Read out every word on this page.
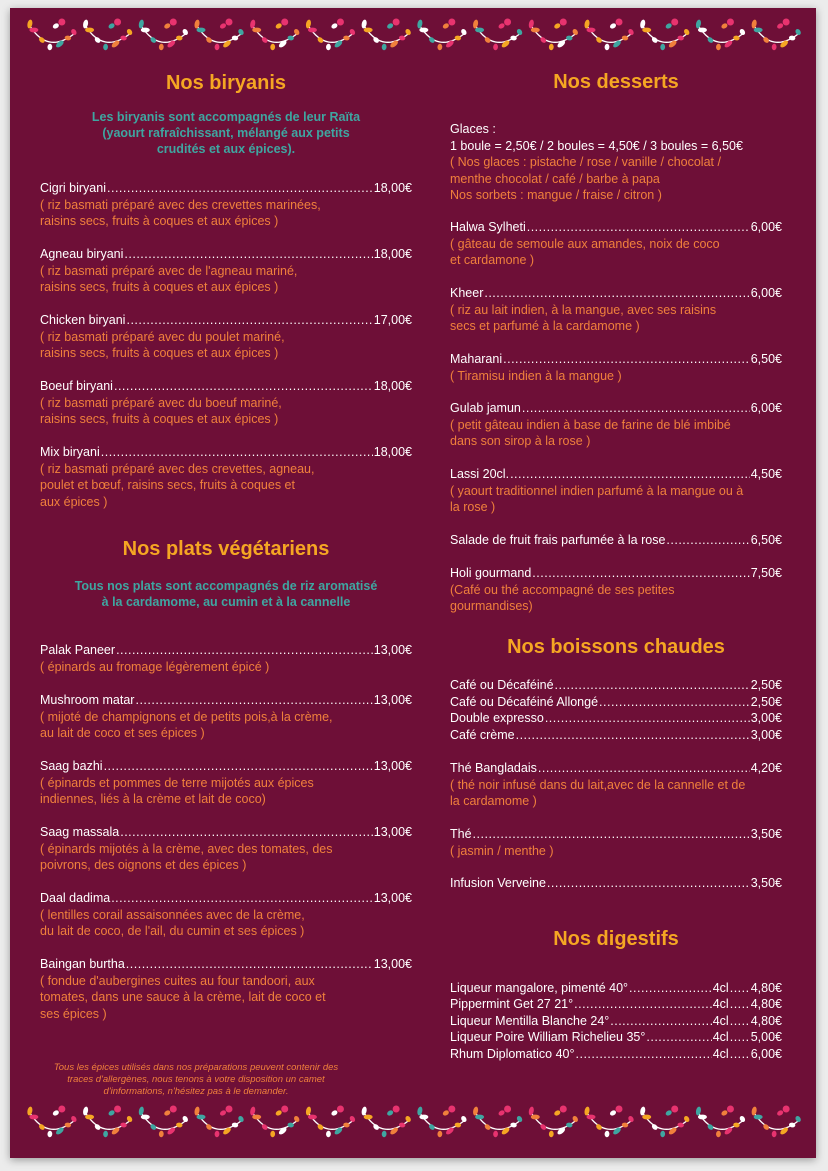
Nos biryanis
Les biryanis sont accompagnés de leur Raïta
(yaourt rafraîchissant, mélangé aux petits
crudités et aux épices).
Cigri biryani .....	18,00€
( riz basmati préparé avec des crevettes marinées,
raisins secs, fruits à coques et aux épices )
Agneau biryani .....	18,00€
( riz basmati préparé avec de l'agneau mariné,
raisins secs, fruits à coques et aux épices )
Chicken biryani .....	17,00€
( riz basmati préparé avec du poulet mariné,
raisins secs, fruits à coques et aux épices )
Boeuf biryani .....	18,00€
( riz basmati préparé avec du boeuf mariné,
raisins secs, fruits à coques et aux épices )
Mix biryani .....	18,00€
( riz basmati préparé avec des crevettes, agneau,
poulet et bœuf, raisins secs, fruits à coques et
aux épices )
Nos plats végétariens
Tous nos plats sont accompagnés de riz aromatisé
à la cardamome, au cumin et à la cannelle
Palak Paneer .....	13,00€
( épinards au fromage légèrement épicé )
Mushroom matar .....	13,00€
( mijoté de champignons et de petits pois,à la crème,
au lait de coco et ses épices )
Saag bazhi .....	13,00€
( épinards et pommes de terre mijotés aux épices
indiennes, liés à la crème et lait de coco)
Saag massala .....	13,00€
( épinards mijotés à la crème, avec des tomates, des
poivrons, des oignons et des épices )
Daal dadima .....	13,00€
( lentilles corail assaisonnées avec de la crème,
du lait de coco, de l'ail, du cumin et ses épices )
Baingan burtha .....	13,00€
( fondue d'aubergines cuites au four tandoori, aux
tomates, dans une sauce à la crème, lait de coco et
ses épices )
Tous les épices utilisés dans nos préparations peuvent contenir des
traces d'allergènes, nous tenons à votre disposition un camet
d'informations, n'hésitez pas à le demander.
Nos desserts
Glaces :
1 boule = 2,50€ / 2 boules = 4,50€ / 3 boules = 6,50€
( Nos glaces : pistache / rose / vanille / chocolat /
menthe chocolat / café / barbe à papa
Nos sorbets : mangue / fraise / citron )
Halwa Sylheti .....	6,00€
( gâteau de semoule aux amandes, noix de coco
et cardamone )
Kheer .....	6,00€
( riz au lait indien, à la mangue, avec ses raisins
secs et parfumé à la cardamome )
Maharani .....	6,50€
( Tiramisu indien à la mangue )
Gulab jamun .....	6,00€
( petit gâteau indien à base de farine de blé imbibé
dans son sirop à la rose )
Lassi 20cl. .....	4,50€
( yaourt traditionnel indien parfumé à la mangue ou à
la rose )
Salade de fruit frais parfumée à la rose .....	6,50€
Holi gourmand .....	7,50€
(Café ou thé accompagné de ses petites
gourmandises)
Nos boissons chaudes
Café ou Décaféiné .....	2,50€
Café ou Décaféiné Allongé .....	2,50€
Double expresso .....	3,00€
Café crème .....	3,00€
Thé Bangladais .....	4,20€
( thé noir infusé dans du lait,avec de la cannelle et de
la cardamome )
Thé .....	3,50€
( jasmin / menthe )
Infusion Verveine .....	3,50€
Nos digestifs
Liqueur mangalore, pimenté 40° .....	4cl ..... 4,80€
Pippermint Get 27 21° .....	4cl ..... 4,80€
Liqueur Mentilla Blanche 24° .....	4cl ..... 4,80€
Liqueur Poire William Richelieu 35° .....	4cl ..... 5,00€
Rhum Diplomatico 40° .....	4cl ..... 6,00€
